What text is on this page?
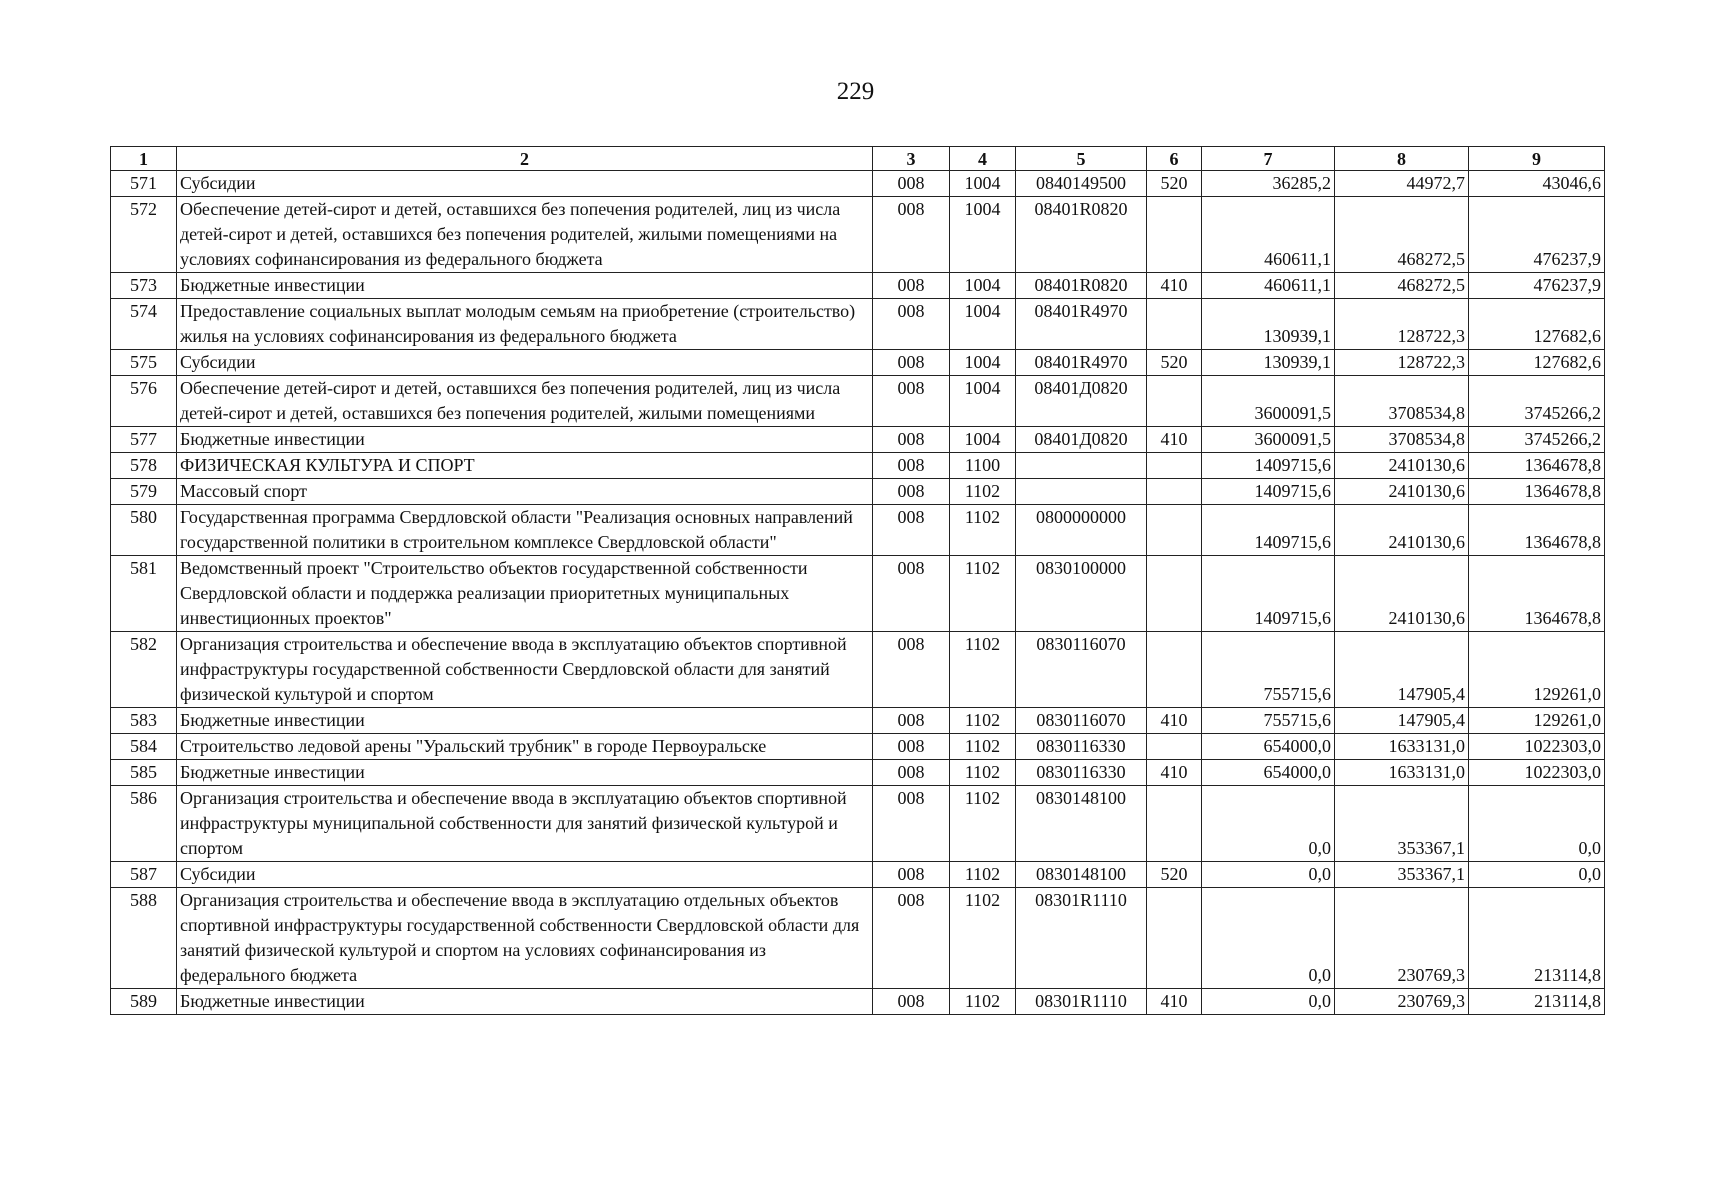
229
1	2	3	4	5	6	7	8	9
571	Субсидии	008	1004	0840149500	520	36285,2	44972,7	43046,6
572	Обеспечение детей-сирот и детей, оставшихся без попечения родителей, лиц из числа детей-сирот и детей, оставшихся без попечения родителей, жилыми помещениями на условиях софинансирования из федерального бюджета	008	1004	08401R0820		460611,1	468272,5	476237,9
573	Бюджетные инвестиции	008	1004	08401R0820	410	460611,1	468272,5	476237,9
574	Предоставление социальных выплат молодым семьям на приобретение (строительство) жилья на условиях софинансирования из федерального бюджета	008	1004	08401R4970		130939,1	128722,3	127682,6
575	Субсидии	008	1004	08401R4970	520	130939,1	128722,3	127682,6
576	Обеспечение детей-сирот и детей, оставшихся без попечения родителей, лиц из числа детей-сирот и детей, оставшихся без попечения родителей, жилыми помещениями	008	1004	08401Д0820		3600091,5	3708534,8	3745266,2
577	Бюджетные инвестиции	008	1004	08401Д0820	410	3600091,5	3708534,8	3745266,2
578	ФИЗИЧЕСКАЯ КУЛЬТУРА И СПОРТ	008	1100			1409715,6	2410130,6	1364678,8
579	Массовый спорт	008	1102			1409715,6	2410130,6	1364678,8
580	Государственная программа Свердловской области "Реализация основных направлений государственной политики в строительном комплексе Свердловской области"	008	1102	0800000000		1409715,6	2410130,6	1364678,8
581	Ведомственный проект "Строительство объектов государственной собственности Свердловской области и поддержка реализации приоритетных муниципальных инвестиционных проектов"	008	1102	0830100000		1409715,6	2410130,6	1364678,8
582	Организация строительства и обеспечение ввода в эксплуатацию объектов спортивной инфраструктуры государственной собственности Свердловской области для занятий физической культурой и спортом	008	1102	0830116070		755715,6	147905,4	129261,0
583	Бюджетные инвестиции	008	1102	0830116070	410	755715,6	147905,4	129261,0
584	Строительство ледовой арены "Уральский трубник" в городе Первоуральске	008	1102	0830116330		654000,0	1633131,0	1022303,0
585	Бюджетные инвестиции	008	1102	0830116330	410	654000,0	1633131,0	1022303,0
586	Организация строительства и обеспечение ввода в эксплуатацию объектов спортивной инфраструктуры муниципальной собственности для занятий физической культурой и спортом	008	1102	0830148100		0,0	353367,1	0,0
587	Субсидии	008	1102	0830148100	520	0,0	353367,1	0,0
588	Организация строительства и обеспечение ввода в эксплуатацию отдельных объектов спортивной инфраструктуры государственной собственности Свердловской области для занятий физической культурой и спортом на условиях софинансирования из федерального бюджета	008	1102	08301R1110		0,0	230769,3	213114,8
589	Бюджетные инвестиции	008	1102	08301R1110	410	0,0	230769,3	213114,8
